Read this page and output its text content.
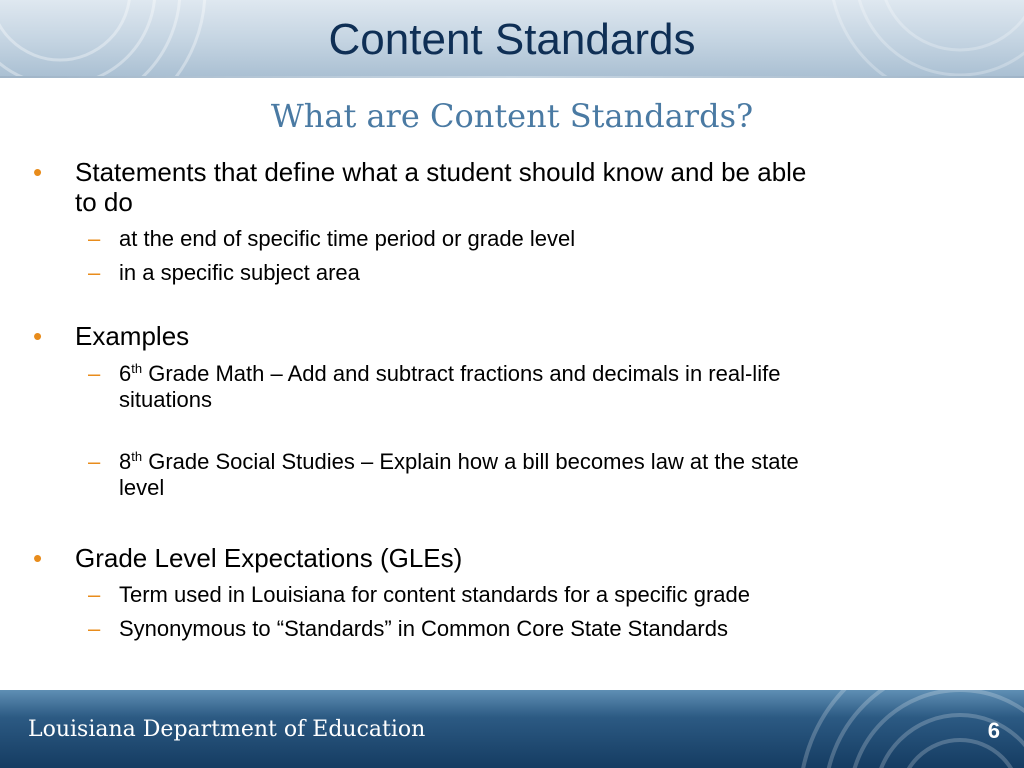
Content Standards
What are Content Standards?
• Statements that define what a student should know and be able
to do
– at the end of specific time period or grade level
– in a specific subject area
• Examples
– 6th Grade Math – Add and subtract fractions and decimals in real-life
situations
– 8th Grade Social Studies – Explain how a bill becomes law at the state
level
• Grade Level Expectations (GLEs)
– Term used in Louisiana for content standards for a specific grade
– Synonymous to “Standards” in Common Core State Standards
Louisiana Department of Education	6
